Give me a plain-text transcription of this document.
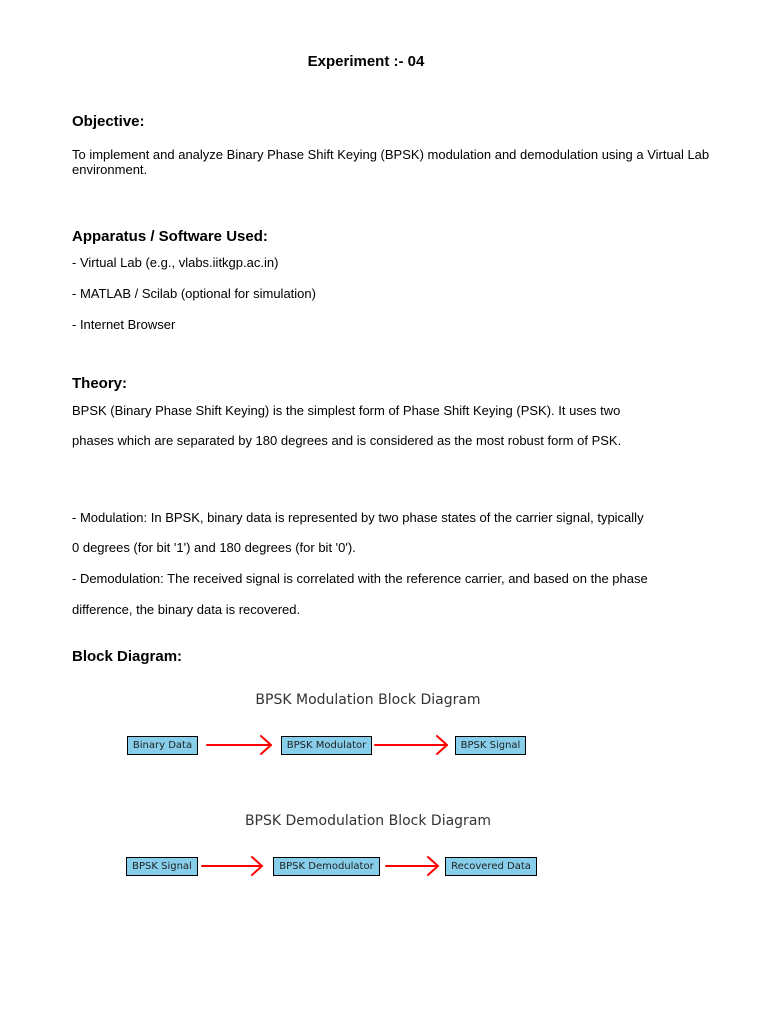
Experiment :- 04
Objective:
To implement and analyze Binary Phase Shift Keying (BPSK) modulation and demodulation using a Virtual Lab environment.
Apparatus / Software Used:
- Virtual Lab (e.g., vlabs.iitkgp.ac.in)
- MATLAB / Scilab (optional for simulation)
- Internet Browser
Theory:
BPSK (Binary Phase Shift Keying) is the simplest form of Phase Shift Keying (PSK). It uses two
phases which are separated by 180 degrees and is considered as the most robust form of PSK.
- Modulation: In BPSK, binary data is represented by two phase states of the carrier signal, typically
0 degrees (for bit '1') and 180 degrees (for bit '0').
- Demodulation: The received signal is correlated with the reference carrier, and based on the phase
difference, the binary data is recovered.
Block Diagram:
BPSK Modulation Block Diagram
Binary Data	BPSK Modulator	BPSK Signal
BPSK Demodulation Block Diagram
BPSK Signal	BPSK Demodulator	Recovered Data
